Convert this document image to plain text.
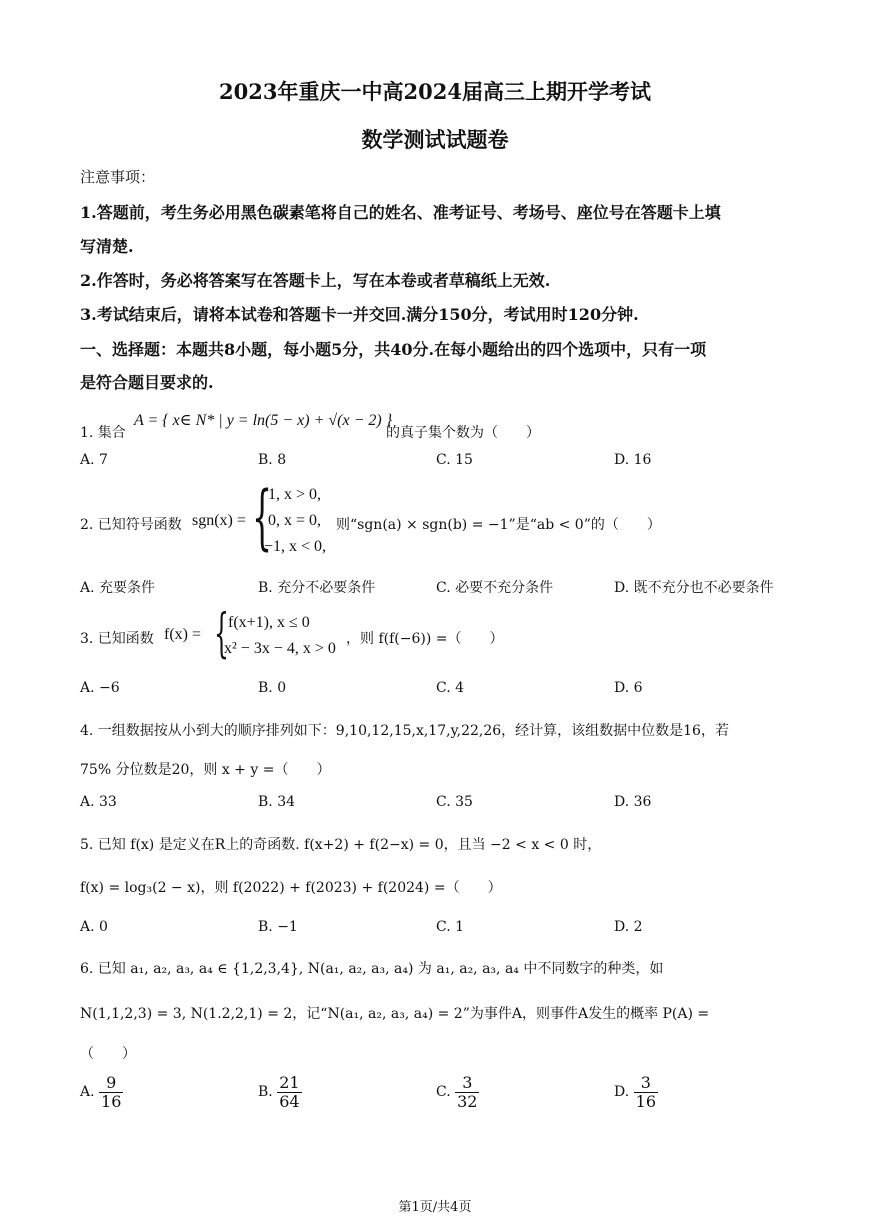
2023年重庆一中高2024届高三上期开学考试
数学测试试题卷
注意事项：
1.答题前，考生务必用黑色碳素笔将自己的姓名、准考证号、考场号、座位号在答题卡上填
写清楚.
2.作答时，务必将答案写在答题卡上，写在本卷或者草稿纸上无效.
3.考试结束后，请将本试卷和答题卡一并交回.满分150分，考试用时120分钟.
一、选择题：本题共8小题，每小题5分，共40分.在每小题给出的四个选项中，只有一项
是符合题目要求的.
1. 集合
A = { x∈ N* | y = ln(5 − x) + √(x − 2) }
的真子集个数为（　　）
A. 7	B. 8	C. 15	D. 16
2. 已知符号函数 sgn(x) = {
1, x > 0,
0, x = 0,
−1, x < 0,
则“sgn(a) × sgn(b) = −1”是“ab < 0”的（　　）
A. 充要条件	B. 充分不必要条件	C. 必要不充分条件	D. 既不充分也不必要条件
3. 已知函数 f(x) = { f(x+1), x ≤ 0
x² − 3x − 4, x > 0
，则 f(f(−6)) =（　　）
A. −6	B. 0	C. 4	D. 6
4. 一组数据按从小到大的顺序排列如下：9,10,12,15,x,17,y,22,26，经计算，该组数据中位数是16，若
75% 分位数是20，则 x + y =（　　）
A. 33	B. 34	C. 35	D. 36
5. 已知 f(x) 是定义在R上的奇函数. f(x+2) + f(2−x) = 0，且当 −2 < x < 0 时，
f(x) = log₃(2 − x)，则 f(2022) + f(2023) + f(2024) =（　　）
A. 0	B. −1	C. 1	D. 2
6. 已知 a₁, a₂, a₃, a₄ ∈ {1,2,3,4}, N(a₁, a₂, a₃, a₄) 为 a₁, a₂, a₃, a₄ 中不同数字的种类，如
N(1,1,2,3) = 3, N(1.2,2,1) = 2，记“N(a₁, a₂, a₃, a₄) = 2”为事件A，则事件A发生的概率 P(A) =
（　　）
A. $\frac{9}{16}$	B. $\frac{21}{64}$	C. $\frac{3}{32}$	D. $\frac{3}{16}$
第1页/共4页
